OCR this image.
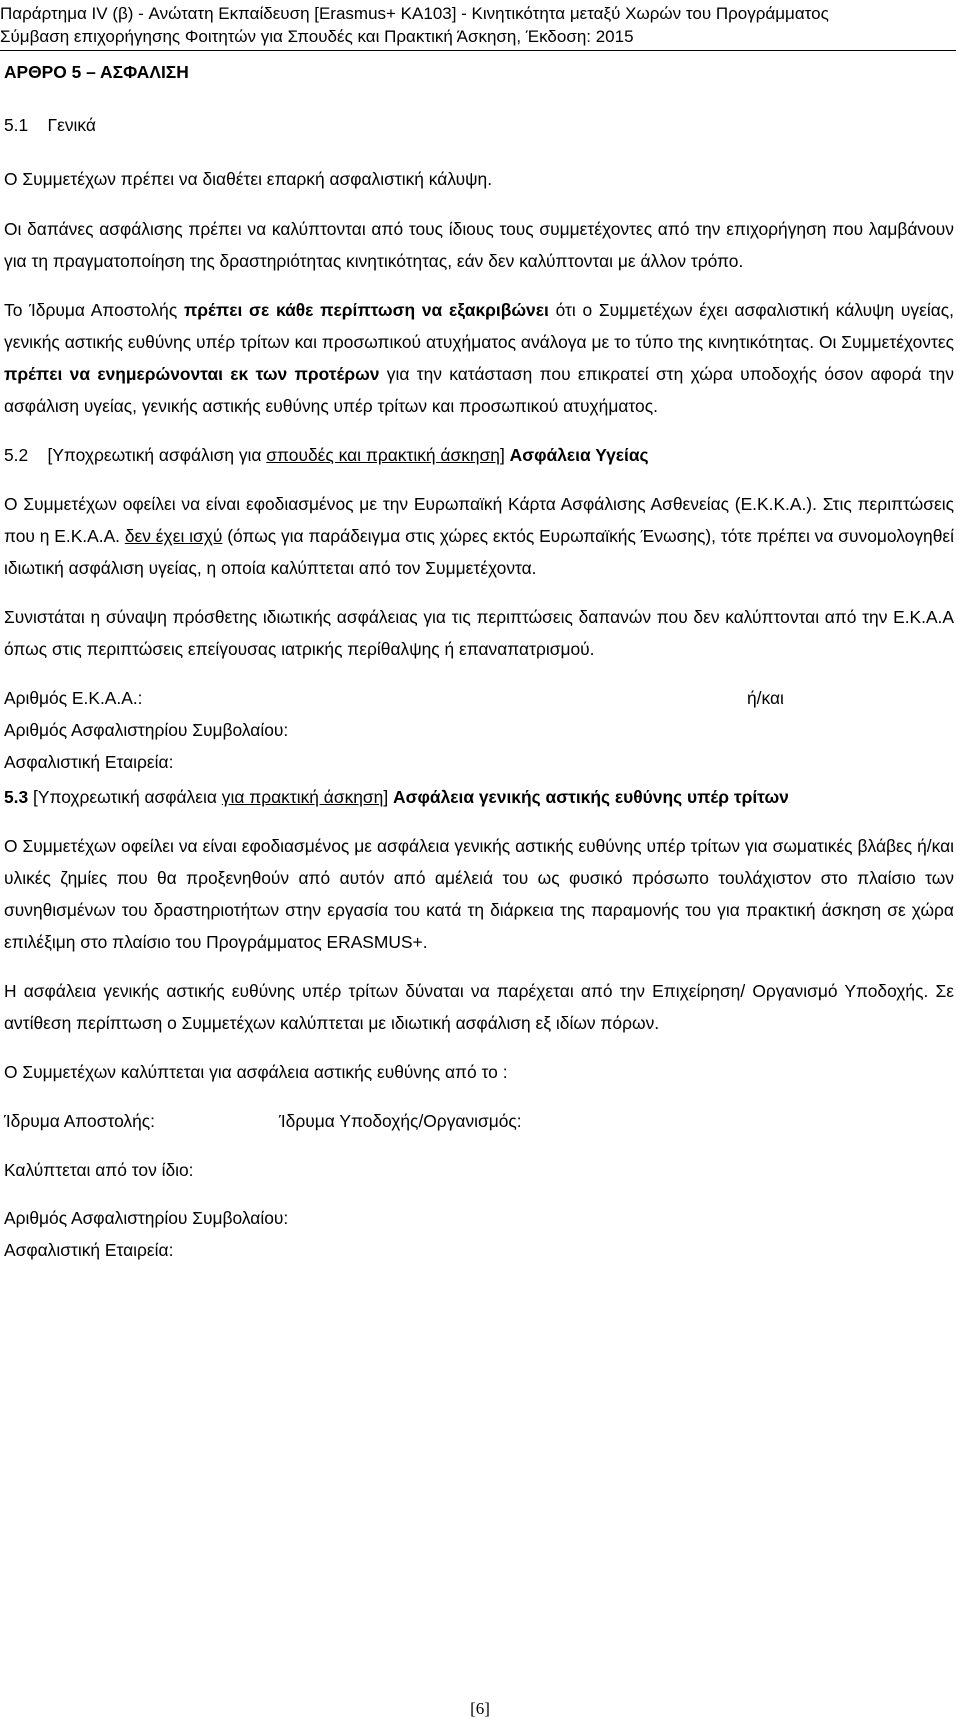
Παράρτημα IV (β) - Ανώτατη Εκπαίδευση [Erasmus+ KA103] - Κινητικότητα μεταξύ Χωρών του Προγράμματος
Σύμβαση επιχορήγησης Φοιτητών για Σπουδές και Πρακτική Άσκηση, Έκδοση: 2015

ΑΡΘΡΟ 5 – ΑΣΦΑΛΙΣΗ

5.1    Γενικά

Ο Συμμετέχων πρέπει να διαθέτει επαρκή ασφαλιστική κάλυψη.

Οι δαπάνες ασφάλισης πρέπει να καλύπτονται από τους ίδιους τους συμμετέχοντες από την επιχορήγηση που λαμβάνουν για τη πραγματοποίηση της δραστηριότητας κινητικότητας, εάν δεν καλύπτονται με άλλον τρόπο.

Το Ίδρυμα Αποστολής πρέπει σε κάθε περίπτωση να εξακριβώνει ότι ο Συμμετέχων έχει ασφαλιστική κάλυψη υγείας, γενικής αστικής ευθύνης υπέρ τρίτων και προσωπικού ατυχήματος ανάλογα με το τύπο της κινητικότητας. Οι Συμμετέχοντες πρέπει να ενημερώνονται εκ των προτέρων για την κατάσταση που επικρατεί στη χώρα υποδοχής όσον αφορά την ασφάλιση υγείας, γενικής αστικής ευθύνης υπέρ τρίτων και προσωπικού ατυχήματος.

5.2    [Υποχρεωτική ασφάλιση για σπουδές και πρακτική άσκηση] Ασφάλεια Υγείας

Ο Συμμετέχων οφείλει να είναι εφοδιασμένος με την Ευρωπαϊκή Κάρτα Ασφάλισης Ασθενείας (Ε.Κ.Κ.Α.). Στις περιπτώσεις που η Ε.Κ.Α.Α. δεν έχει ισχύ (όπως για παράδειγμα στις χώρες εκτός Ευρωπαϊκής Ένωσης), τότε πρέπει να συνομολογηθεί ιδιωτική ασφάλιση υγείας, η οποία καλύπτεται από τον Συμμετέχοντα.

Συνιστάται η σύναψη πρόσθετης ιδιωτικής ασφάλειας για τις περιπτώσεις δαπανών που δεν καλύπτονται από την Ε.Κ.Α.Α όπως στις περιπτώσεις επείγουσας ιατρικής περίθαλψης ή επαναπατρισμού.

Αριθμός Ε.Κ.Α.Α.:	ή/και
Αριθμός Ασφαλιστηρίου Συμβολαίου:
Ασφαλιστική Εταιρεία:

5.3 [Υποχρεωτική ασφάλεια για πρακτική άσκηση] Ασφάλεια γενικής αστικής ευθύνης υπέρ τρίτων

Ο Συμμετέχων οφείλει να είναι εφοδιασμένος με ασφάλεια γενικής αστικής ευθύνης υπέρ τρίτων για σωματικές βλάβες ή/και υλικές ζημίες που θα προξενηθούν από αυτόν από αμέλειά του ως φυσικό πρόσωπο τουλάχιστον στο πλαίσιο των συνηθισμένων του δραστηριοτήτων στην εργασία του κατά τη διάρκεια της παραμονής του για πρακτική άσκηση σε χώρα επιλέξιμη στο πλαίσιο του Προγράμματος ERASMUS+.

Η ασφάλεια γενικής αστικής ευθύνης υπέρ τρίτων δύναται να παρέχεται από την Επιχείρηση/ Οργανισμό Υποδοχής. Σε αντίθεση περίπτωση ο Συμμετέχων καλύπτεται με ιδιωτική ασφάλιση εξ ιδίων πόρων.

Ο Συμμετέχων καλύπτεται για ασφάλεια αστικής ευθύνης από το :

Ίδρυμα Αποστολής:	Ίδρυμα Υποδοχής/Οργανισμός:

Καλύπτεται από τον ίδιο:

Αριθμός Ασφαλιστηρίου Συμβολαίου:
Ασφαλιστική Εταιρεία:
[6]
